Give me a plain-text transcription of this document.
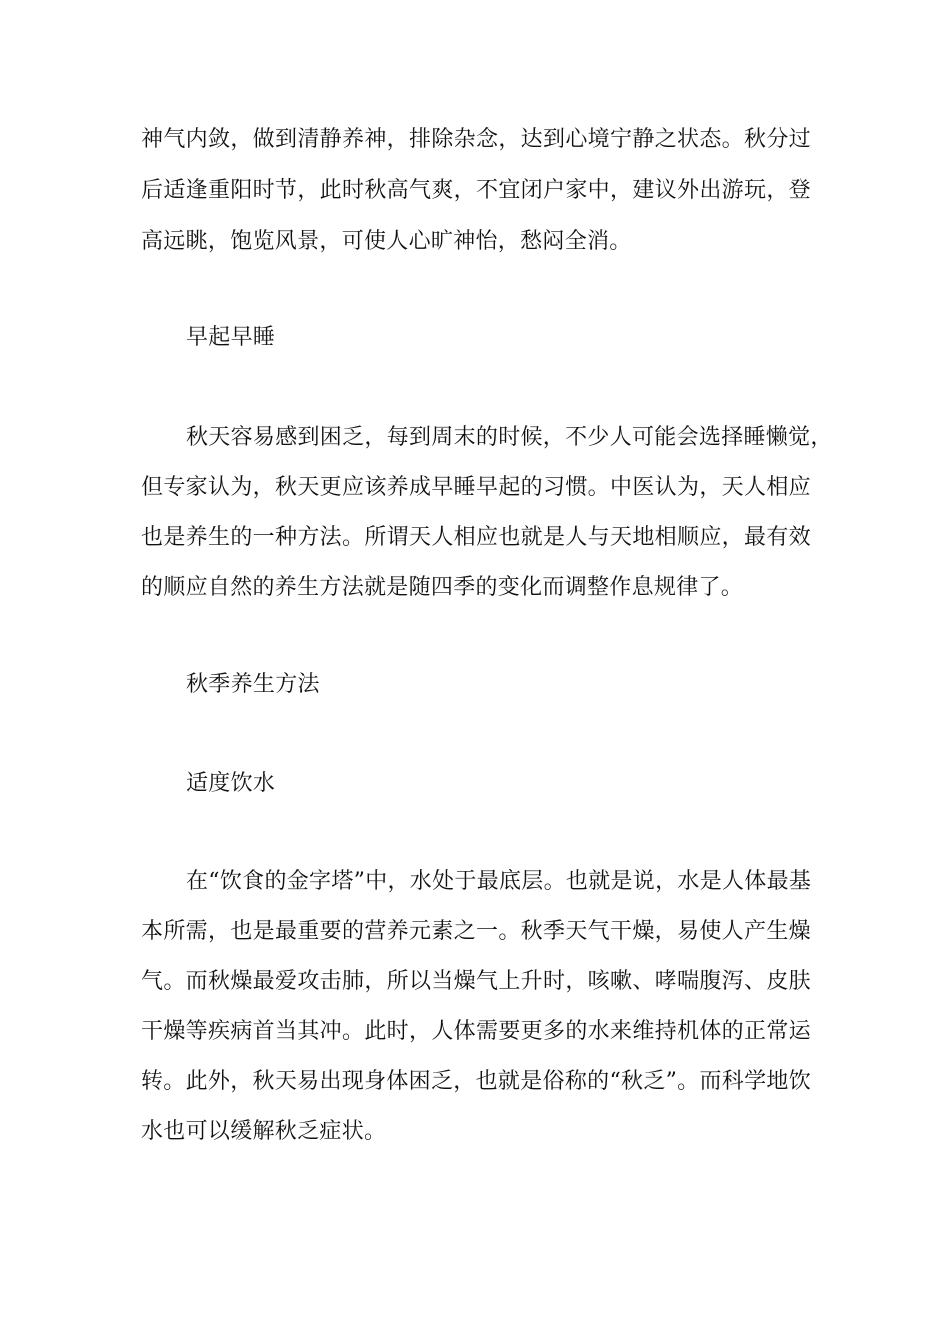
神气内敛，做到清静养神，排除杂念，达到心境宁静之状态。秋分过
后适逢重阳时节，此时秋高气爽，不宜闭户家中，建议外出游玩，登
高远眺，饱览风景，可使人心旷神怡，愁闷全消。
早起早睡
秋天容易感到困乏，每到周末的时候，不少人可能会选择睡懒觉，
但专家认为，秋天更应该养成早睡早起的习惯。中医认为，天人相应
也是养生的一种方法。所谓天人相应也就是人与天地相顺应，最有效
的顺应自然的养生方法就是随四季的变化而调整作息规律了。
秋季养生方法
适度饮水
在“饮食的金字塔”中，水处于最底层。也就是说，水是人体最基
本所需，也是最重要的营养元素之一。秋季天气干燥，易使人产生燥
气。而秋燥最爱攻击肺，所以当燥气上升时，咳嗽、哮喘腹泻、皮肤
干燥等疾病首当其冲。此时，人体需要更多的水来维持机体的正常运
转。此外，秋天易出现身体困乏，也就是俗称的“秋乏”。而科学地饮
水也可以缓解秋乏症状。
